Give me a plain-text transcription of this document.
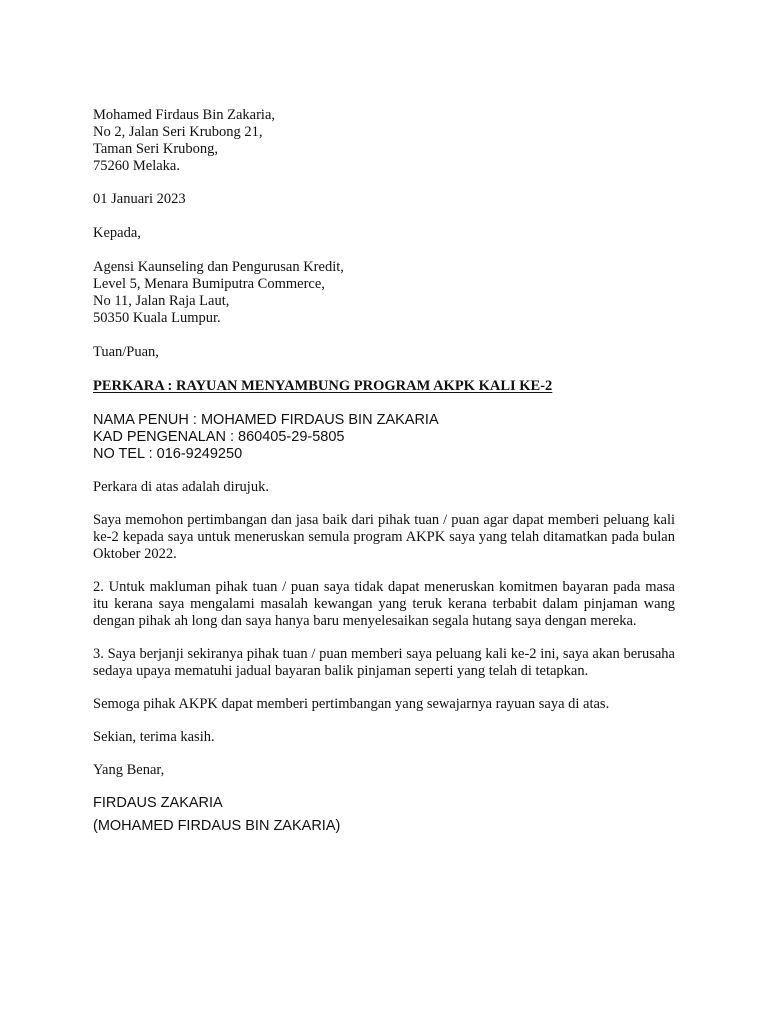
Mohamed Firdaus Bin Zakaria,
No 2, Jalan Seri Krubong 21,
Taman Seri Krubong,
75260 Melaka.
01 Januari 2023
Kepada,
Agensi Kaunseling dan Pengurusan Kredit,
Level 5, Menara Bumiputra Commerce,
No 11, Jalan Raja Laut,
50350 Kuala Lumpur.
Tuan/Puan,
PERKARA : RAYUAN MENYAMBUNG PROGRAM AKPK KALI KE-2
NAMA PENUH : MOHAMED FIRDAUS BIN ZAKARIA
KAD PENGENALAN : 860405-29-5805
NO TEL : 016-9249250
Perkara di atas adalah dirujuk.

Saya memohon pertimbangan dan jasa baik dari pihak tuan / puan agar dapat memberi peluang kali ke-2 kepada saya untuk meneruskan semula program AKPK saya yang telah ditamatkan pada bulan Oktober 2022.

2. Untuk makluman pihak tuan / puan saya tidak dapat meneruskan komitmen bayaran pada masa itu kerana saya mengalami masalah kewangan yang teruk kerana terbabit dalam pinjaman wang dengan pihak ah long dan saya hanya baru menyelesaikan segala hutang saya dengan mereka.

3. Saya berjanji sekiranya pihak tuan / puan memberi saya peluang kali ke-2 ini, saya akan berusaha sedaya upaya mematuhi jadual bayaran balik pinjaman seperti yang telah di tetapkan.

Semoga pihak AKPK dapat memberi pertimbangan yang sewajarnya rayuan saya di atas.
Sekian, terima kasih.
Yang Benar,
FIRDAUS ZAKARIA
(MOHAMED FIRDAUS BIN ZAKARIA)
